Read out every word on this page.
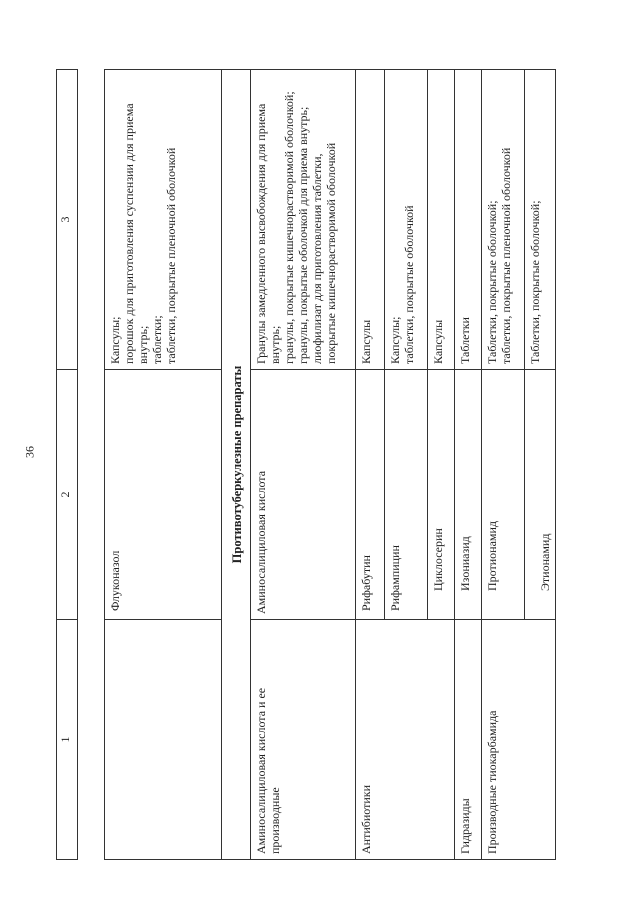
36
1	2	3

	Флуконазол	Капсулы; порошок для приготовления суспензии для приема внутрь; таблетки; таблетки, покрытые пленочной оболочкой

Противотуберкулезные препараты		
Аминосалициловая кислота и ее производные	Аминосалициловая кислота	Гранулы замедленного высвобождения для приема внутрь; гранулы, покрытые кишечнорастворимой оболочкой; гранулы, покрытые оболочкой для приема внутрь; лиофилизат для приготовления таблетки, покрытые кишечнорастворимой оболочкой

Антибиотики	Рифабутин	Капсулы

	Рифампицин	Капсулы; таблетки, покрытые оболочкой

	Циклосерин	Капсулы

Гидразиды	Изониазид	Таблетки

Производные тиокарбамида	Протионамид	Таблетки, покрытые оболочкой; таблетки, покрытые пленочной оболочкой

	Этионамид	Таблетки, покрытые оболочкой;
